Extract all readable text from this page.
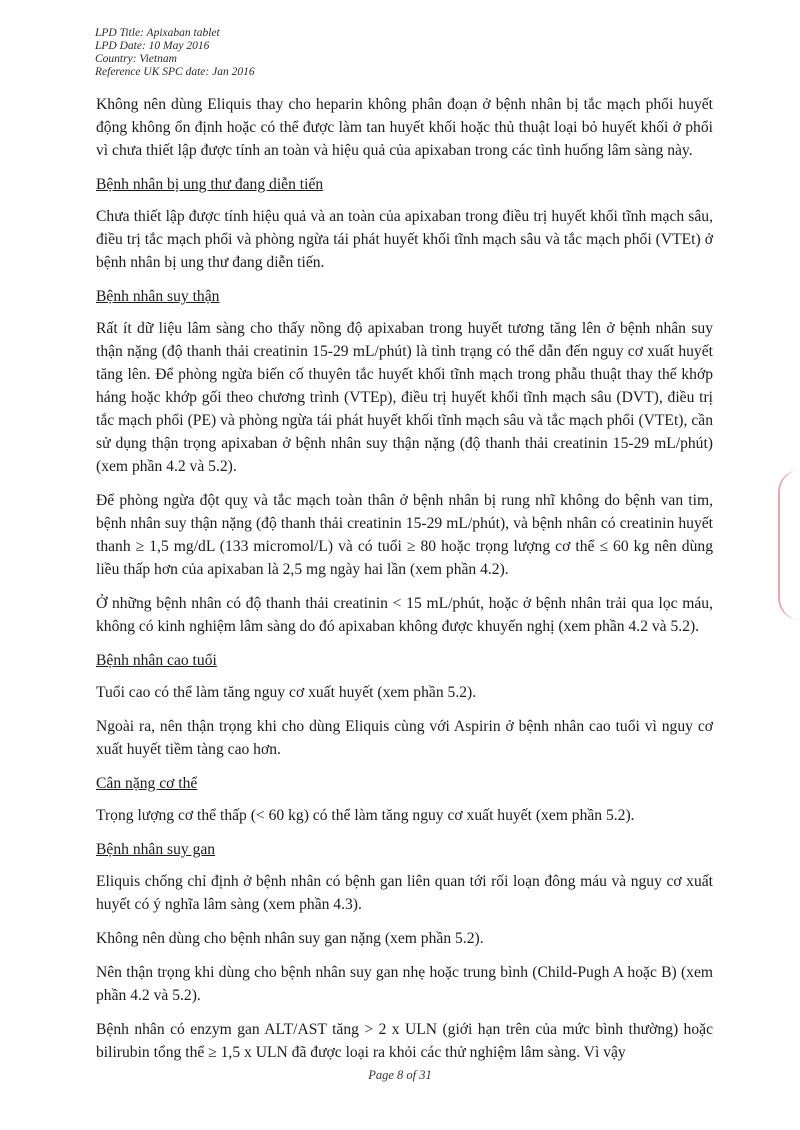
LPD Title: Apixaban tablet
LPD Date: 10 May 2016
Country: Vietnam
Reference UK SPC date: Jan 2016

Không nên dùng Eliquis thay cho heparin không phân đoạn ở bệnh nhân bị tắc mạch phổi huyết động không ổn định hoặc có thể được làm tan huyết khối hoặc thủ thuật loại bỏ huyết khối ở phổi vì chưa thiết lập được tính an toàn và hiệu quả của apixaban trong các tình huống lâm sàng này.

Bệnh nhân bị ung thư đang diễn tiến

Chưa thiết lập được tính hiệu quả và an toàn của apixaban trong điều trị huyết khối tĩnh mạch sâu, điều trị tắc mạch phổi và phòng ngừa tái phát huyết khối tĩnh mạch sâu và tắc mạch phổi (VTEt) ở bệnh nhân bị ung thư đang diễn tiến.

Bệnh nhân suy thận

Rất ít dữ liệu lâm sàng cho thấy nồng độ apixaban trong huyết tương tăng lên ở bệnh nhân suy thận nặng (độ thanh thải creatinin 15-29 mL/phút) là tình trạng có thể dẫn đến nguy cơ xuất huyết tăng lên. Để phòng ngừa biến cố thuyên tắc huyết khối tĩnh mạch trong phẫu thuật thay thế khớp háng hoặc khớp gối theo chương trình (VTEp), điều trị huyết khối tĩnh mạch sâu (DVT), điều trị tắc mạch phổi (PE) và phòng ngừa tái phát huyết khối tĩnh mạch sâu và tắc mạch phổi (VTEt), cần sử dụng thận trọng apixaban ở bệnh nhân suy thận nặng (độ thanh thải creatinin 15-29 mL/phút) (xem phần 4.2 và 5.2).

Để phòng ngừa đột quỵ và tắc mạch toàn thân ở bệnh nhân bị rung nhĩ không do bệnh van tim, bệnh nhân suy thận nặng (độ thanh thải creatinin 15-29 mL/phút), và bệnh nhân có creatinin huyết thanh ≥ 1,5 mg/dL (133 micromol/L) và có tuổi ≥ 80 hoặc trọng lượng cơ thể ≤ 60 kg nên dùng liều thấp hơn của apixaban là 2,5 mg ngày hai lần (xem phần 4.2).

Ở những bệnh nhân có độ thanh thải creatinin < 15 mL/phút, hoặc ở bệnh nhân trải qua lọc máu, không có kinh nghiệm lâm sàng do đó apixaban không được khuyến nghị (xem phần 4.2 và 5.2).

Bệnh nhân cao tuổi

Tuổi cao có thể làm tăng nguy cơ xuất huyết (xem phần 5.2).

Ngoài ra, nên thận trọng khi cho dùng Eliquis cùng với Aspirin ở bệnh nhân cao tuổi vì nguy cơ xuất huyết tiềm tàng cao hơn.

Cân nặng cơ thể

Trọng lượng cơ thể thấp (< 60 kg) có thể làm tăng nguy cơ xuất huyết (xem phần 5.2).

Bệnh nhân suy gan

Eliquis chống chỉ định ở bệnh nhân có bệnh gan liên quan tới rối loạn đông máu và nguy cơ xuất huyết có ý nghĩa lâm sàng (xem phần 4.3).

Không nên dùng cho bệnh nhân suy gan nặng (xem phần 5.2).

Nên thận trọng khi dùng cho bệnh nhân suy gan nhẹ hoặc trung bình (Child-Pugh A hoặc B) (xem phần 4.2 và 5.2).

Bệnh nhân có enzym gan ALT/AST tăng > 2 x ULN (giới hạn trên của mức bình thường) hoặc bilirubin tổng thể ≥ 1,5 x ULN đã được loại ra khỏi các thử nghiệm lâm sàng. Vì vậy

Page 8 of 31
